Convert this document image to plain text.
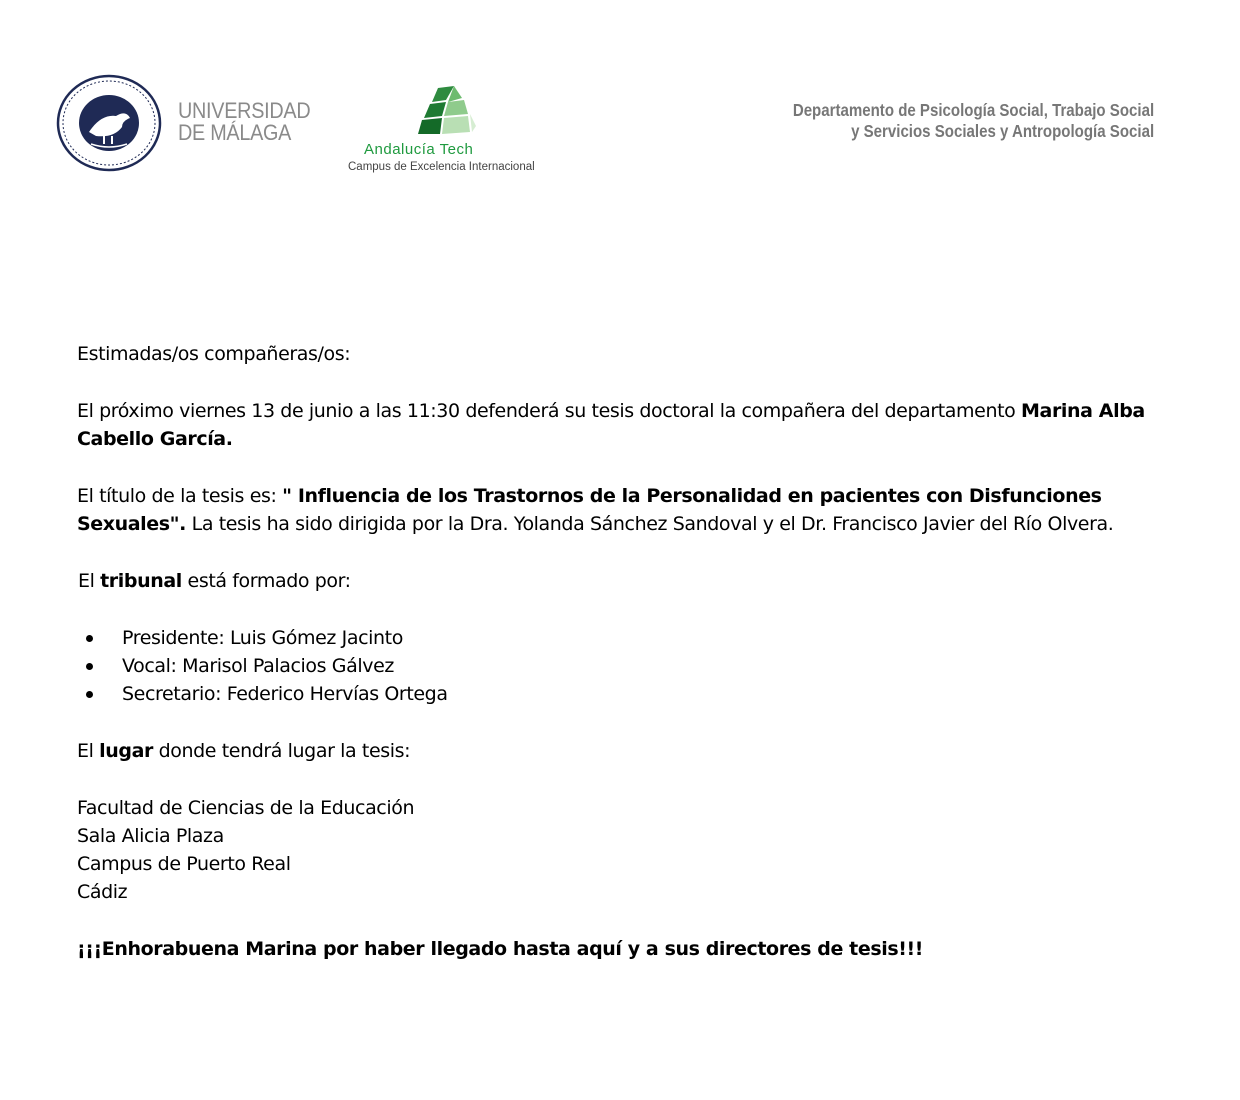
UNIVERSIDAD
DE MÁLAGA
Andalucía Tech
Campus de Excelencia Internacional
Departamento de Psicología Social, Trabajo Social
y Servicios Sociales y Antropología Social

Estimadas/os compañeras/os:

El próximo viernes 13 de junio a las 11:30 defenderá su tesis doctoral la compañera del departamento Marina Alba Cabello García.

El título de la tesis es: " Influencia de los Trastornos de la Personalidad en pacientes con Disfunciones Sexuales". La tesis ha sido dirigida por la Dra. Yolanda Sánchez Sandoval y el Dr. Francisco Javier del Río Olvera.

El tribunal está formado por:

Presidente: Luis Gómez Jacinto
Vocal: Marisol Palacios Gálvez
Secretario: Federico Hervías Ortega

El lugar donde tendrá lugar la tesis:

Facultad de Ciencias de la Educación
Sala Alicia Plaza
Campus de Puerto Real
Cádiz

¡¡¡Enhorabuena Marina por haber llegado hasta aquí y a sus directores de tesis!!!
